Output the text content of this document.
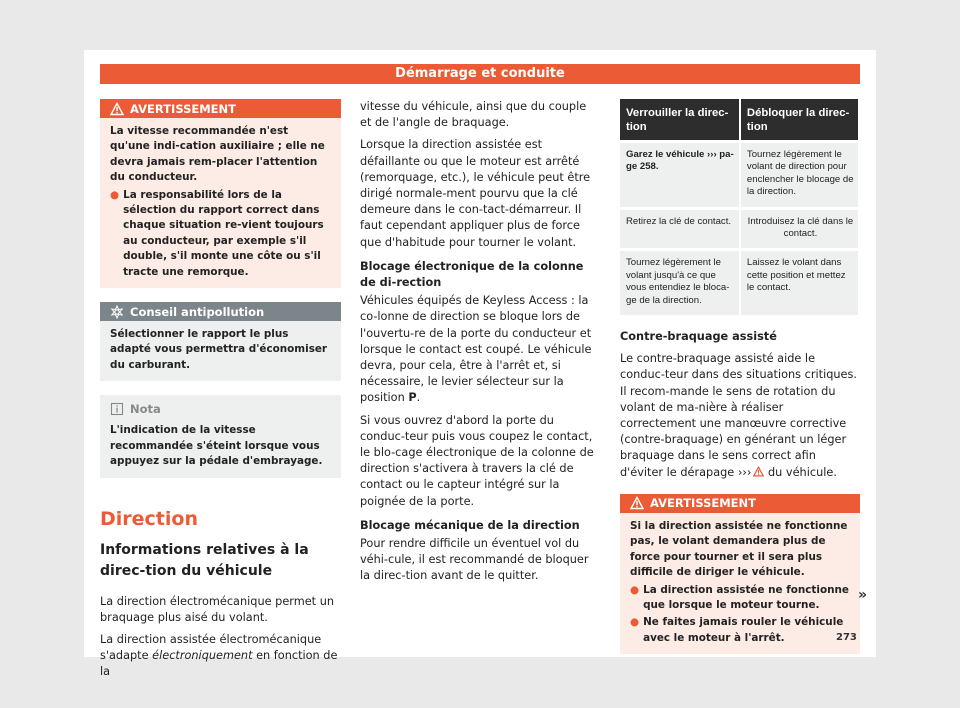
Démarrage et conduite
AVERTISSEMENT

La vitesse recommandée n'est qu'une indi-cation auxiliaire ; elle ne devra jamais rem-placer l'attention du conducteur.

● La responsabilité lors de la sélection du rapport correct dans chaque situation re-vient toujours au conducteur, par exemple s'il double, s'il monte une côte ou s'il tracte une remorque.
Conseil antipollution

Sélectionner le rapport le plus adapté vous permettra d'économiser du carburant.

Nota

L'indication de la vitesse recommandée s'éteint lorsque vous appuyez sur la pédale d'embrayage.

Direction
Informations relatives à la direc-tion du véhicule

La direction électromécanique permet un braquage plus aisé du volant.

La direction assistée électromécanique s'adapte électroniquement en fonction de la

vitesse du véhicule, ainsi que du couple et de l'angle de braquage.

Lorsque la direction assistée est défaillante ou que le moteur est arrêté (remorquage, etc.), le véhicule peut être dirigé normale-ment pourvu que la clé demeure dans le con-tact-démarreur. Il faut cependant appliquer plus de force que d'habitude pour tourner le volant.

Blocage électronique de la colonne de di-rection

Véhicules équipés de Keyless Access : la co-lonne de direction se bloque lors de l'ouvertu-re de la porte du conducteur et lorsque le contact est coupé. Le véhicule devra, pour cela, être à l'arrêt et, si nécessaire, le levier sélecteur sur la position P.

Si vous ouvrez d'abord la porte du conduc-teur puis vous coupez le contact, le blo-cage électronique de la colonne de direction s'activera à travers la clé de contact ou le capteur intégré sur la poignée de la porte.

Blocage mécanique de la direction

Pour rendre difficile un éventuel vol du véhi-cule, il est recommandé de bloquer la direc-tion avant de le quitter.

Verrouiller la direc-tion	Débloquer la direc-tion
Garez le véhicule ››› pa-ge 258.	Tournez légèrement le volant de direction pour enclencher le blocage de la direction.
Retirez la clé de contact.	Introduisez la clé dans le contact.
Tournez légèrement le volant jusqu'à ce que vous entendiez le bloca-ge de la direction.	Laissez le volant dans cette position et mettez le contact.

Contre-braquage assisté

Le contre-braquage assisté aide le conduc-teur dans des situations critiques. Il recom-mande le sens de rotation du volant de ma-nière à réaliser correctement une manœuvre corrective (contre-braquage) en générant un léger braquage dans le sens correct afin d'éviter le dérapage ››› du véhicule.

AVERTISSEMENT

Si la direction assistée ne fonctionne pas, le volant demandera plus de force pour tourner et il sera plus difficile de diriger le véhicule.

● La direction assistée ne fonctionne que lorsque le moteur tourne.
● Ne faites jamais rouler le véhicule avec le moteur à l'arrêt.
»
273
